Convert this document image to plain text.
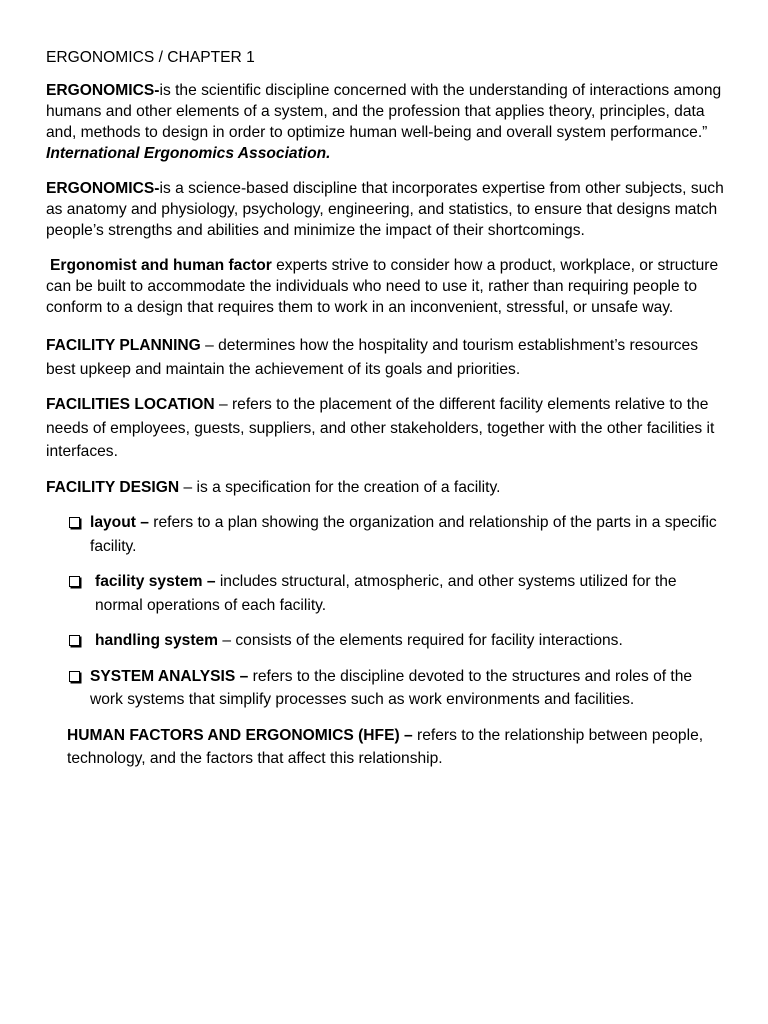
ERGONOMICS / CHAPTER 1

ERGONOMICS-is the scientific discipline concerned with the understanding of interactions among humans and other elements of a system, and the profession that applies theory, principles, data and, methods to design in order to optimize human well-being and overall system performance.” International Ergonomics Association.

ERGONOMICS-is a science-based discipline that incorporates expertise from other subjects, such as anatomy and physiology, psychology, engineering, and statistics, to ensure that designs match people’s strengths and abilities and minimize the impact of their shortcomings.

Ergonomist and human factor experts strive to consider how a product, workplace, or structure can be built to accommodate the individuals who need to use it, rather than requiring people to conform to a design that requires them to work in an inconvenient, stressful, or unsafe way.

FACILITY PLANNING – determines how the hospitality and tourism establishment’s resources best upkeep and maintain the achievement of its goals and priorities.

FACILITIES LOCATION – refers to the placement of the different facility elements relative to the needs of employees, guests, suppliers, and other stakeholders, together with the other facilities it interfaces.

FACILITY DESIGN – is a specification for the creation of a facility.

layout – refers to a plan showing the organization and relationship of the parts in a specific facility.
facility system – includes structural, atmospheric, and other systems utilized for the normal operations of each facility.
handling system – consists of the elements required for facility interactions.
SYSTEM ANALYSIS – refers to the discipline devoted to the structures and roles of the work systems that simplify processes such as work environments and facilities.

HUMAN FACTORS AND ERGONOMICS (HFE) – refers to the relationship between people, technology, and the factors that affect this relationship.
